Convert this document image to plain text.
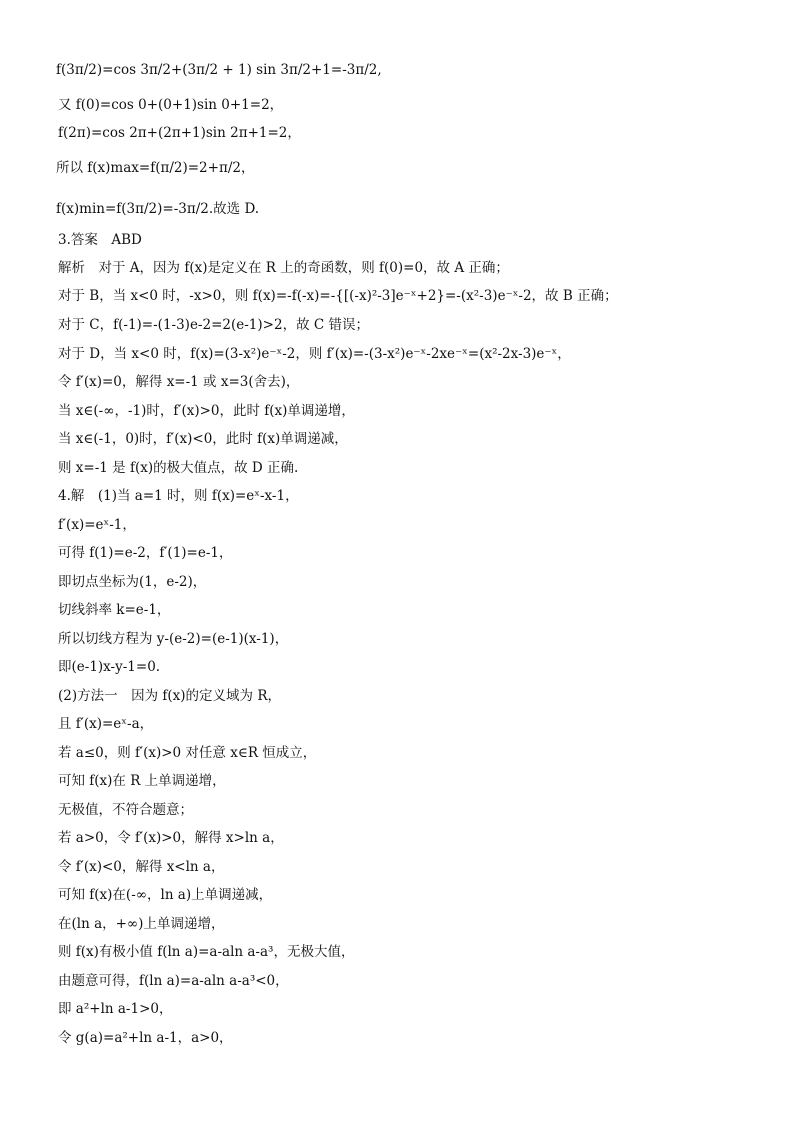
f(3π/2)=cos 3π/2+(3π/2 + 1) sin 3π/2+1=-3π/2,
又 f(0)=cos 0+(0+1)sin 0+1=2，
f(2π)=cos 2π+(2π+1)sin 2π+1=2，
所以 f(x)max=f(π/2)=2+π/2，
f(x)min=f(3π/2)=-3π/2.故选 D.
3.答案　ABD
解析　对于 A，因为 f(x)是定义在 R 上的奇函数，则 f(0)=0，故 A 正确；
对于 B，当 x<0 时，-x>0，则 f(x)=-f(-x)=-{[(-x)²-3]e⁻ˣ+2}=-(x²-3)e⁻ˣ-2，故 B 正确；
对于 C，f(-1)=-(1-3)e-2=2(e-1)>2，故 C 错误；
对于 D，当 x<0 时，f(x)=(3-x²)e⁻ˣ-2，则 f′(x)=-(3-x²)e⁻ˣ-2xe⁻ˣ=(x²-2x-3)e⁻ˣ，
令 f′(x)=0，解得 x=-1 或 x=3(舍去)，
当 x∈(-∞，-1)时，f′(x)>0，此时 f(x)单调递增，
当 x∈(-1，0)时，f′(x)<0，此时 f(x)单调递减，
则 x=-1 是 f(x)的极大值点，故 D 正确.
4.解　(1)当 a=1 时，则 f(x)=eˣ-x-1，
f′(x)=eˣ-1，
可得 f(1)=e-2，f′(1)=e-1，
即切点坐标为(1，e-2)，
切线斜率 k=e-1，
所以切线方程为 y-(e-2)=(e-1)(x-1)，
即(e-1)x-y-1=0.
(2)方法一　因为 f(x)的定义域为 R，
且 f′(x)=eˣ-a，
若 a≤0，则 f′(x)>0 对任意 x∈R 恒成立，
可知 f(x)在 R 上单调递增，
无极值，不符合题意；
若 a>0，令 f′(x)>0，解得 x>ln a，
令 f′(x)<0，解得 x<ln a，
可知 f(x)在(-∞，ln a)上单调递减，
在(ln a，+∞)上单调递增，
则 f(x)有极小值 f(ln a)=a-aln a-a³，无极大值，
由题意可得，f(ln a)=a-aln a-a³<0，
即 a²+ln a-1>0，
令 g(a)=a²+ln a-1，a>0，
